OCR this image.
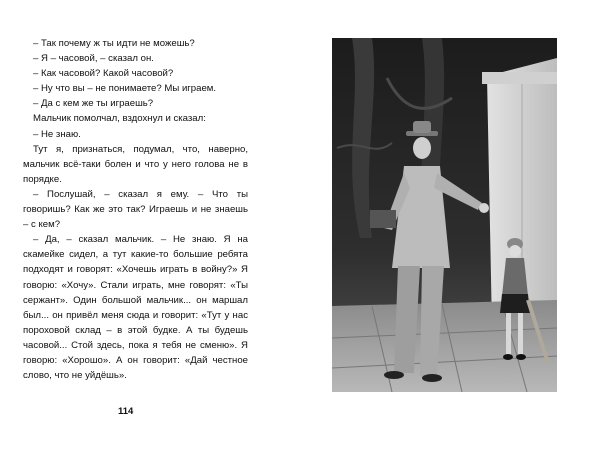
– Так почему ж ты идти не можешь?

– Я – часовой, – сказал он.

– Как часовой? Какой часовой?

– Ну что вы – не понимаете? Мы играем.

– Да с кем же ты играешь?

Мальчик помолчал, вздохнул и сказал:

– Не знаю.

Тут я, признаться, подумал, что, наверно, мальчик всё-таки болен и что у него голова не в порядке.

– Послушай, – сказал я ему. – Что ты говоришь? Как же это так? Играешь и не знаешь – с кем?

– Да, – сказал мальчик. – Не знаю. Я на скамейке сидел, а тут какие-то большие ребята подходят и говорят: «Хочешь играть в войну?» Я говорю: «Хочу». Стали играть, мне говорят: «Ты сержант». Один большой мальчик... он маршал был... он привёл меня сюда и говорит: «Тут у нас пороховой склад – в этой будке. А ты будешь часовой... Стой здесь, пока я тебя не сменю». Я говорю: «Хорошо». А он говорит: «Дай честное слово, что не уйдёшь».

114
